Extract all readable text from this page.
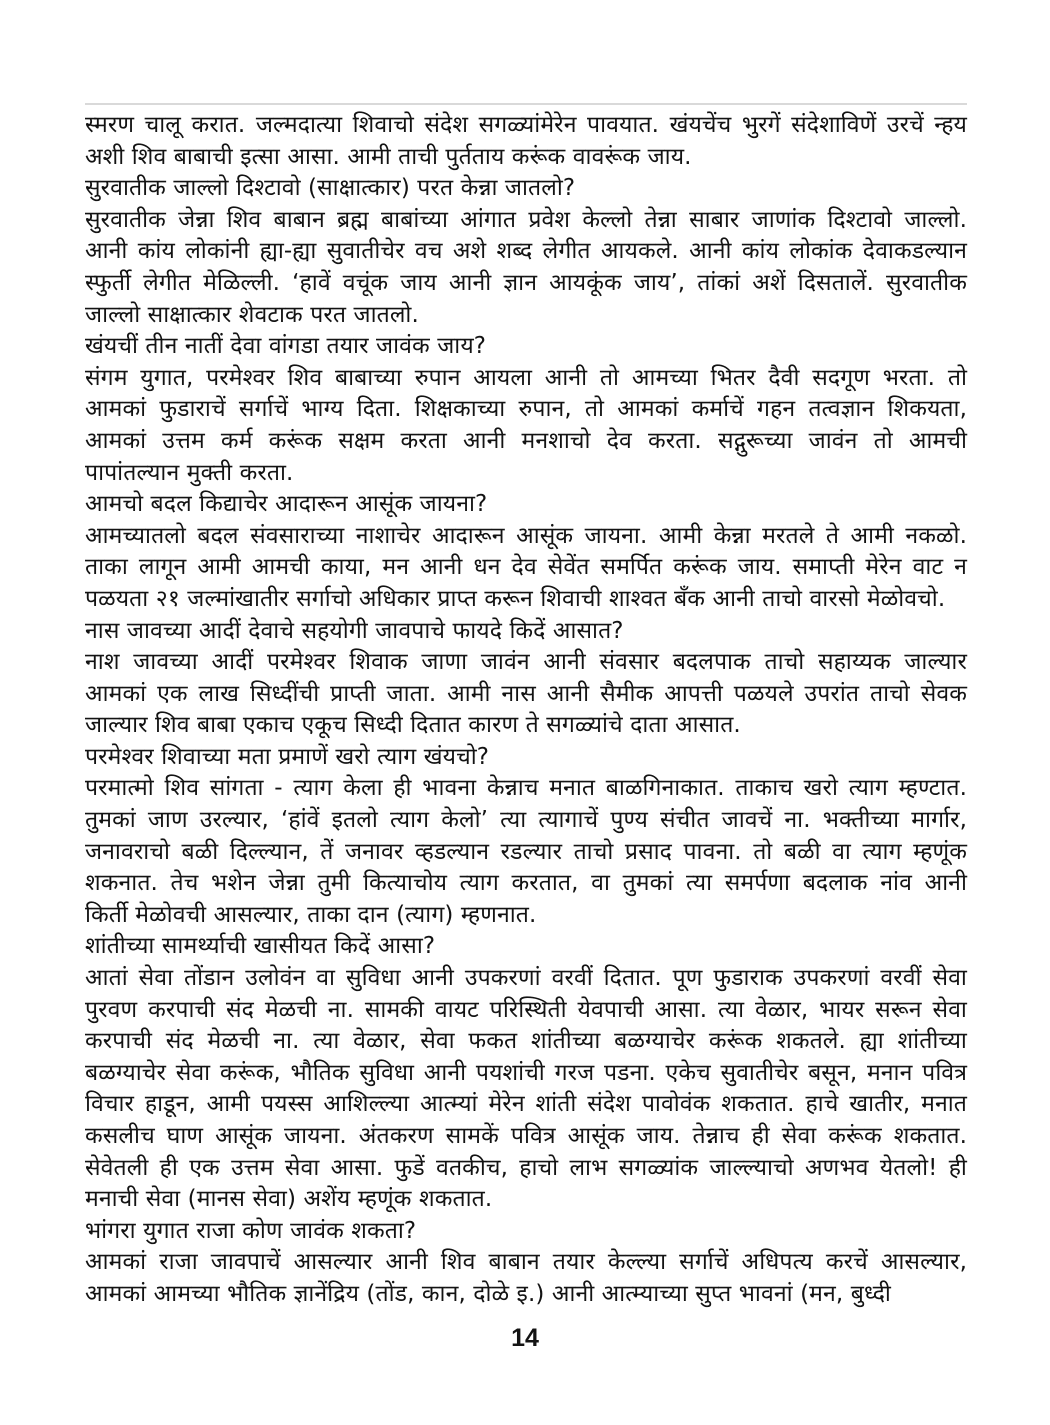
स्मरण चालू करात. जल्मदात्या शिवाचो संदेश सगळ्यांमेरेन पावयात. खंयचेंच भुरगें संदेशाविणें उरचें न्हय
अशी शिव बाबाची इत्सा आसा. आमी ताची पुर्तताय करूंक वावरूंक जाय.
सुरवातीक जाल्लो दिश्टावो (साक्षात्कार) परत केन्ना जातलो?
सुरवातीक जेन्ना शिव बाबान ब्रह्म बाबांच्या आंगात प्रवेश केल्लो तेन्ना साबार जाणांक दिश्टावो जाल्लो.
आनी कांय लोकांनी ह्या-ह्या सुवातीचेर वच अशे शब्द लेगीत आयकले. आनी कांय लोकांक देवाकडल्यान
स्फुर्ती लेगीत मेळिल्ली. ‘हावें वचूंक जाय आनी ज्ञान आयकूंक जाय’, तांकां अशें दिसतालें. सुरवातीक
जाल्लो साक्षात्कार शेवटाक परत जातलो.
खंयचीं तीन नातीं देवा वांगडा तयार जावंक जाय?
संगम युगात, परमेश्वर शिव बाबाच्या रुपान आयला आनी तो आमच्या भितर दैवी सदगूण भरता. तो
आमकां फुडाराचें सर्गाचें भाग्य दिता. शिक्षकाच्या रुपान, तो आमकां कर्माचें गहन तत्वज्ञान शिकयता,
आमकां उत्तम कर्म करूंक सक्षम करता आनी मनशाचो देव करता. सद्गुरूच्या जावंन तो आमची
पापांतल्यान मुक्ती करता.
आमचो बदल किद्याचेर आदारून आसूंक जायना?
आमच्यातलो बदल संवसाराच्या नाशाचेर आदारून आसूंक जायना. आमी केन्ना मरतले ते आमी नकळो.
ताका लागून आमी आमची काया, मन आनी धन देव सेवेंत समर्पित करूंक जाय. समाप्ती मेरेन वाट न
पळयता २१ जल्मांखातीर सर्गाचो अधिकार प्राप्त करून शिवाची शाश्वत बँक आनी ताचो वारसो मेळोवचो.
नास जावच्या आदीं देवाचे सहयोगी जावपाचे फायदे किदें आसात?
नाश जावच्या आदीं परमेश्वर शिवाक जाणा जावंन आनी संवसार बदलपाक ताचो सहाय्यक जाल्यार
आमकां एक लाख सिध्दींची प्राप्ती जाता. आमी नास आनी सैमीक आपत्ती पळयले उपरांत ताचो सेवक
जाल्यार शिव बाबा एकाच एकूच सिध्दी दितात कारण ते सगळ्यांचे दाता आसात.
परमेश्वर शिवाच्या मता प्रमाणें खरो त्याग खंयचो?
परमात्मो शिव सांगता - त्याग केला ही भावना केन्नाच मनात बाळगिनाकात. ताकाच खरो त्याग म्हण्टात.
तुमकां जाण उरल्यार, ‘हांवें इतलो त्याग केलो’ त्या त्यागाचें पुण्य संचीत जावचें ना. भक्तीच्या मार्गार,
जनावराचो बळी दिल्ल्यान, तें जनावर व्हडल्यान रडल्यार ताचो प्रसाद पावना. तो बळी वा त्याग म्हणूंक
शकनात. तेच भशेन जेन्ना तुमी कित्याचोय त्याग करतात, वा तुमकां त्या समर्पणा बदलाक नांव आनी
किर्ती मेळोवची आसल्यार, ताका दान (त्याग) म्हणनात.
शांतीच्या सामर्थ्याची खासीयत किदें आसा?
आतां सेवा तोंडान उलोवंन वा सुविधा आनी उपकरणां वरवीं दितात. पूण फुडाराक उपकरणां वरवीं सेवा
पुरवण करपाची संद मेळची ना. सामकी वायट परिस्थिती येवपाची आसा. त्या वेळार, भायर सरून सेवा
करपाची संद मेळची ना. त्या वेळार, सेवा फकत शांतीच्या बळग्याचेर करूंक शकतले. ह्या शांतीच्या
बळग्याचेर सेवा करूंक, भौतिक सुविधा आनी पयशांची गरज पडना. एकेच सुवातीचेर बसून, मनान पवित्र
विचार हाडून, आमी पयस्स आशिल्ल्या आत्म्यां मेरेन शांती संदेश पावोवंक शकतात. हाचे खातीर, मनात
कसलीच घाण आसूंक जायना. अंतकरण सामकें पवित्र आसूंक जाय. तेन्नाच ही सेवा करूंक शकतात.
सेवेतली ही एक उत्तम सेवा आसा. फुडें वतकीच, हाचो लाभ सगळ्यांक जाल्ल्याचो अणभव येतलो! ही
मनाची सेवा (मानस सेवा) अशेंय म्हणूंक शकतात.
भांगरा युगात राजा कोण जावंक शकता?
आमकां राजा जावपाचें आसल्यार आनी शिव बाबान तयार केल्ल्या सर्गाचें अधिपत्य करचें आसल्यार,
आमकां आमच्या भौतिक ज्ञानेंद्रिय (तोंड, कान, दोळे इ.) आनी आत्म्याच्या सुप्त भावनां (मन, बुध्दी
14
